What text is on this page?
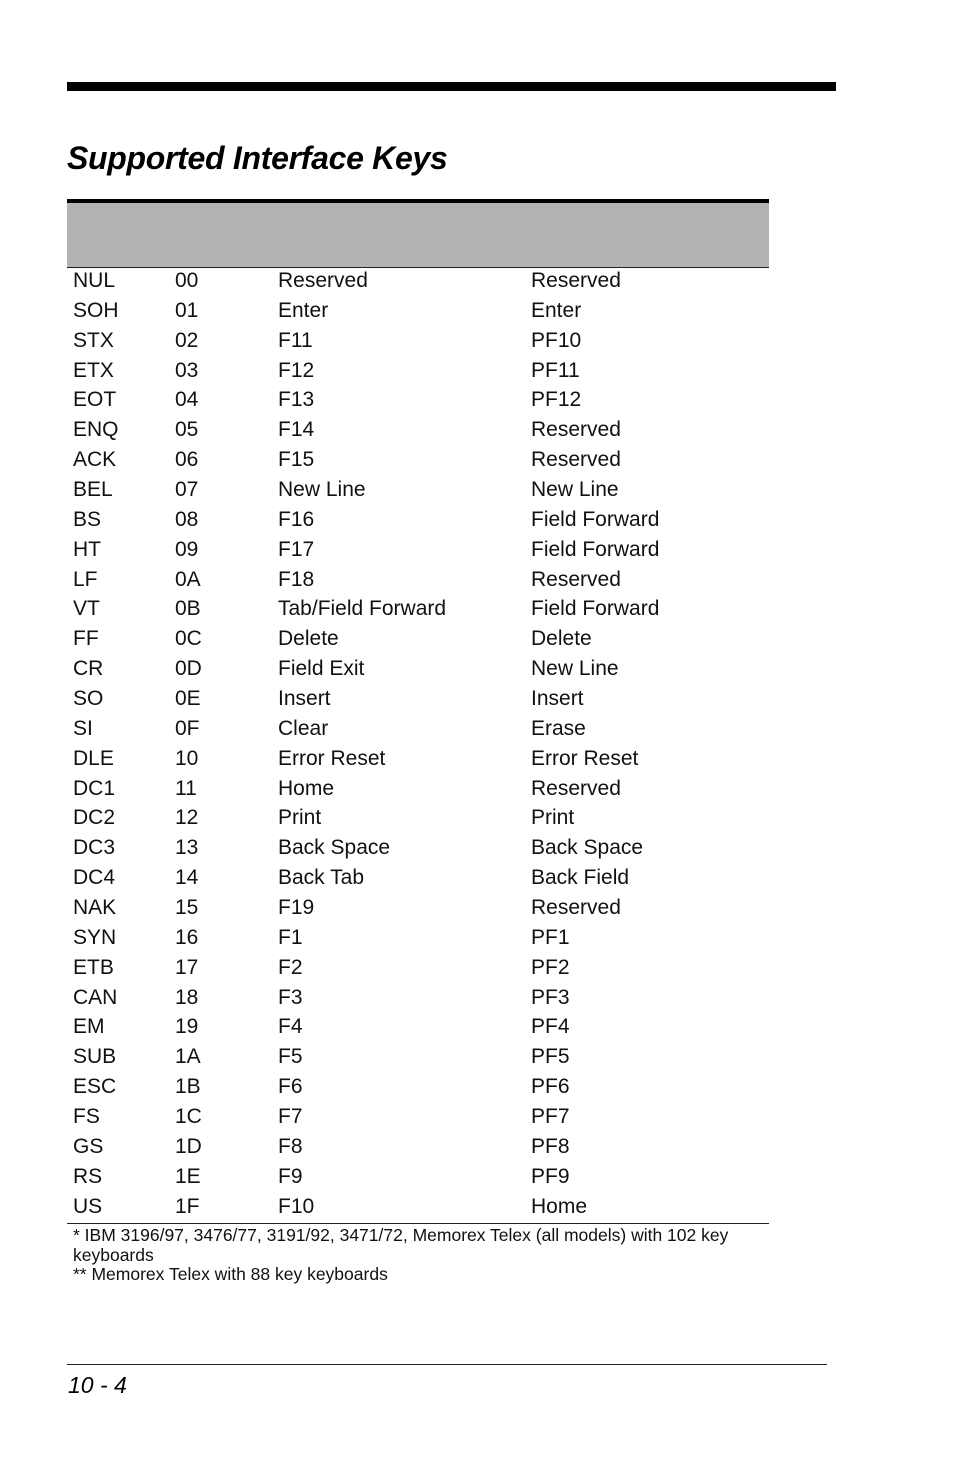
Supported Interface Keys
NUL	00	Reserved	Reserved
SOH	01	Enter	Enter
STX	02	F11	PF10
ETX	03	F12	PF11
EOT	04	F13	PF12
ENQ	05	F14	Reserved
ACK	06	F15	Reserved
BEL	07	New Line	New Line
BS	08	F16	Field Forward
HT	09	F17	Field Forward
LF	0A	F18	Reserved
VT	0B	Tab/Field Forward	Field Forward
FF	0C	Delete	Delete
CR	0D	Field Exit	New Line
SO	0E	Insert	Insert
SI	0F	Clear	Erase
DLE	10	Error Reset	Error Reset
DC1	11	Home	Reserved
DC2	12	Print	Print
DC3	13	Back Space	Back Space
DC4	14	Back Tab	Back Field
NAK	15	F19	Reserved
SYN	16	F1	PF1
ETB	17	F2	PF2
CAN	18	F3	PF3
EM	19	F4	PF4
SUB	1A	F5	PF5
ESC	1B	F6	PF6
FS	1C	F7	PF7
GS	1D	F8	PF8
RS	1E	F9	PF9
US	1F	F10	Home

* IBM 3196/97, 3476/77, 3191/92, 3471/72, Memorex Telex (all models) with 102 key keyboards

** Memorex Telex with 88 key keyboards

10 - 4
